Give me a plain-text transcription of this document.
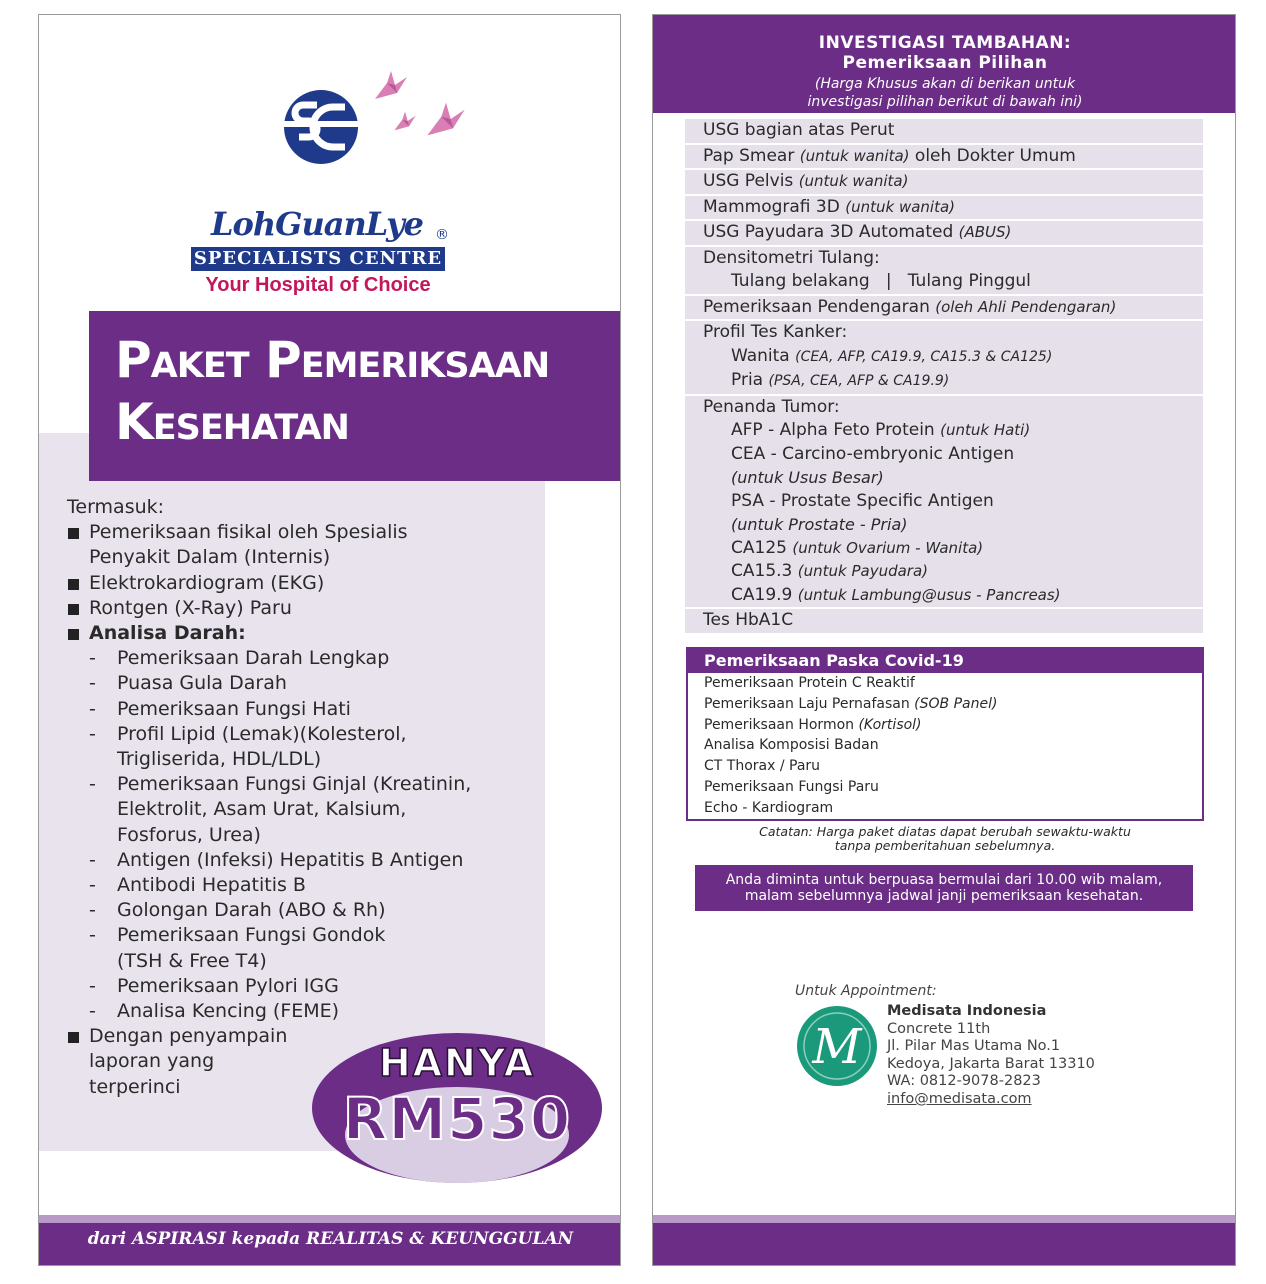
LohGuanLye ®
SPECIALISTS CENTRE
Your Hospital of Choice
Paket Pemeriksaan
Kesehatan
Termasuk:
Pemeriksaan fisikal oleh Spesialis
Penyakit Dalam (Internis)
Elektrokardiogram (EKG)
Rontgen (X-Ray) Paru
Analisa Darah:
- Pemeriksaan Darah Lengkap
- Puasa Gula Darah
- Pemeriksaan Fungsi Hati
- Profil Lipid (Lemak)(Kolesterol,
Trigliserida, HDL/LDL)
- Pemeriksaan Fungsi Ginjal (Kreatinin,
Elektrolit, Asam Urat, Kalsium,
Fosforus, Urea)
- Antigen (Infeksi) Hepatitis B Antigen
- Antibodi Hepatitis B
- Golongan Darah (ABO & Rh)
- Pemeriksaan Fungsi Gondok
(TSH & Free T4)
- Pemeriksaan Pylori IGG
- Analisa Kencing (FEME)
Dengan penyampain
laporan yang
terperinci
HANYA
RM530
dari ASPIRASI kepada REALITAS & KEUNGGULAN
INVESTIGASI TAMBAHAN:
Pemeriksaan Pilihan
(Harga Khusus akan di berikan untuk
investigasi pilihan berikut di bawah ini)
USG bagian atas Perut
Pap Smear (untuk wanita) oleh Dokter Umum
USG Pelvis (untuk wanita)
Mammografi 3D (untuk wanita)
USG Payudara 3D Automated (ABUS)
Densitometri Tulang:
Tulang belakang   |   Tulang Pinggul
Pemeriksaan Pendengaran (oleh Ahli Pendengaran)
Profil Tes Kanker:
Wanita (CEA, AFP, CA19.9, CA15.3 & CA125)
Pria (PSA, CEA, AFP & CA19.9)
Penanda Tumor:
AFP - Alpha Feto Protein (untuk Hati)
CEA - Carcino-embryonic Antigen
(untuk Usus Besar)
PSA - Prostate Specific Antigen
(untuk Prostate - Pria)
CA125 (untuk Ovarium - Wanita)
CA15.3 (untuk Payudara)
CA19.9 (untuk Lambung@usus - Pancreas)
Tes HbA1C
Pemeriksaan Paska Covid-19
Pemeriksaan Protein C Reaktif
Pemeriksaan Laju Pernafasan (SOB Panel)
Pemeriksaan Hormon (Kortisol)
Analisa Komposisi Badan
CT Thorax / Paru
Pemeriksaan Fungsi Paru
Echo - Kardiogram
Catatan: Harga paket diatas dapat berubah sewaktu-waktu
tanpa pemberitahuan sebelumnya.
Anda diminta untuk berpuasa bermulai dari 10.00 wib malam,
malam sebelumnya jadwal janji pemeriksaan kesehatan.
Untuk Appointment:
M
Medisata Indonesia
Concrete 11th
Jl. Pilar Mas Utama No.1
Kedoya, Jakarta Barat 13310
WA: 0812-9078-2823
info@medisata.com
